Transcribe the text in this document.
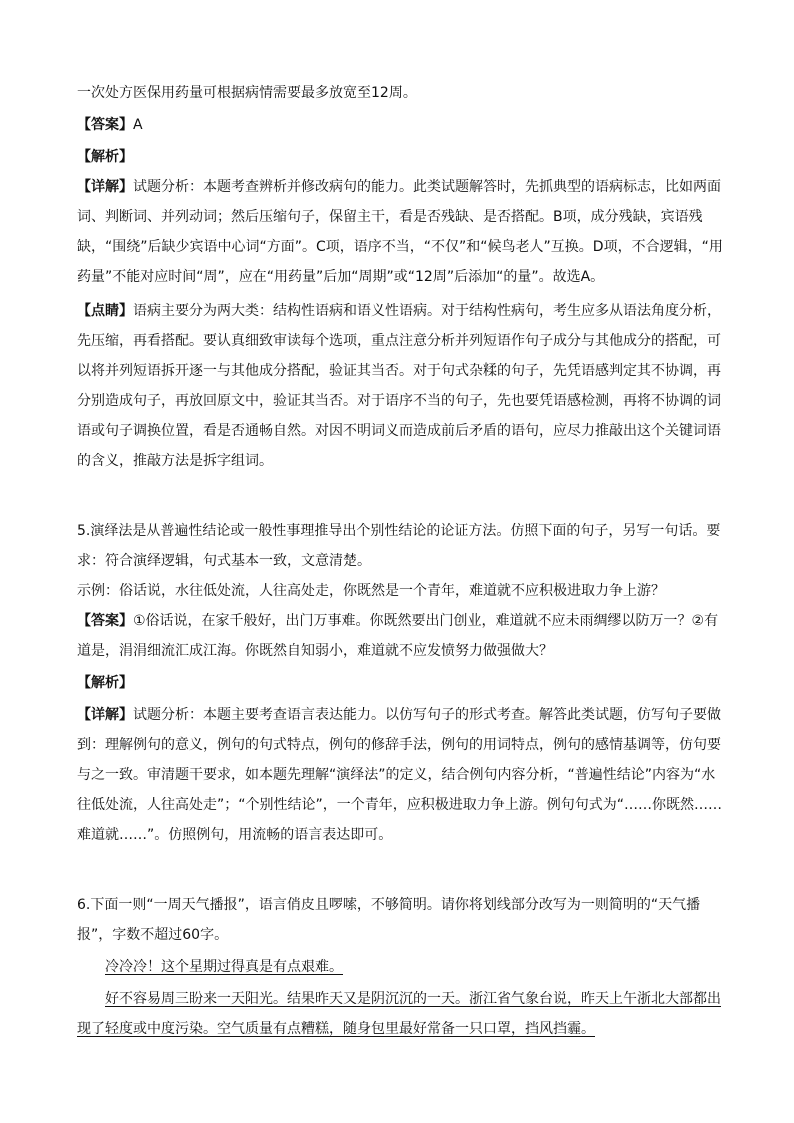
一次处方医保用药量可根据病情需要最多放宽至12周。

【答案】A

【解析】

【详解】试题分析：本题考查辨析并修改病句的能力。此类试题解答时，先抓典型的语病标志，比如两面词、判断词、并列动词；然后压缩句子，保留主干，看是否残缺、是否搭配。B项，成分残缺，宾语残缺，“围绕”后缺少宾语中心词“方面”。C项，语序不当，“不仅”和“候鸟老人”互换。D项，不合逻辑，“用药量”不能对应时间“周”，应在“用药量”后加“周期”或“12周”后添加“的量”。故选A。

【点睛】语病主要分为两大类：结构性语病和语义性语病。对于结构性病句，考生应多从语法角度分析，先压缩，再看搭配。要认真细致审读每个选项，重点注意分析并列短语作句子成分与其他成分的搭配，可以将并列短语拆开逐一与其他成分搭配，验证其当否。对于句式杂糅的句子，先凭语感判定其不协调，再分别造成句子，再放回原文中，验证其当否。对于语序不当的句子，先也要凭语感检测，再将不协调的词语或句子调换位置，看是否通畅自然。对因不明词义而造成前后矛盾的语句，应尽力推敲出这个关键词语的含义，推敲方法是拆字组词。

5.演绎法是从普遍性结论或一般性事理推导出个别性结论的论证方法。仿照下面的句子，另写一句话。要求：符合演绎逻辑，句式基本一致，文意清楚。

示例：俗话说，水往低处流，人往高处走，你既然是一个青年，难道就不应积极进取力争上游？

【答案】①俗话说，在家千般好，出门万事难。你既然要出门创业，难道就不应未雨绸缪以防万一？②有道是，涓涓细流汇成江海。你既然自知弱小，难道就不应发愤努力做强做大？

【解析】

【详解】试题分析：本题主要考查语言表达能力。以仿写句子的形式考查。解答此类试题，仿写句子要做到：理解例句的意义，例句的句式特点，例句的修辞手法，例句的用词特点，例句的感情基调等，仿句要与之一致。审清题干要求，如本题先理解“演绎法”的定义，结合例句内容分析，“普遍性结论”内容为“水往低处流，人往高处走”；“个别性结论”，一个青年，应积极进取力争上游。例句句式为“……你既然……难道就……”。仿照例句，用流畅的语言表达即可。

6.下面一则“一周天气播报”，语言俏皮且啰嗦，不够简明。请你将划线部分改写为一则简明的“天气播报”，字数不超过60字。

冷冷冷！这个星期过得真是有点艰难。

好不容易周三盼来一天阳光。结果昨天又是阴沉沉的一天。浙江省气象台说，昨天上午浙北大部都出现了轻度或中度污染。空气质量有点糟糕，随身包里最好常备一只口罩，挡风挡霾。
